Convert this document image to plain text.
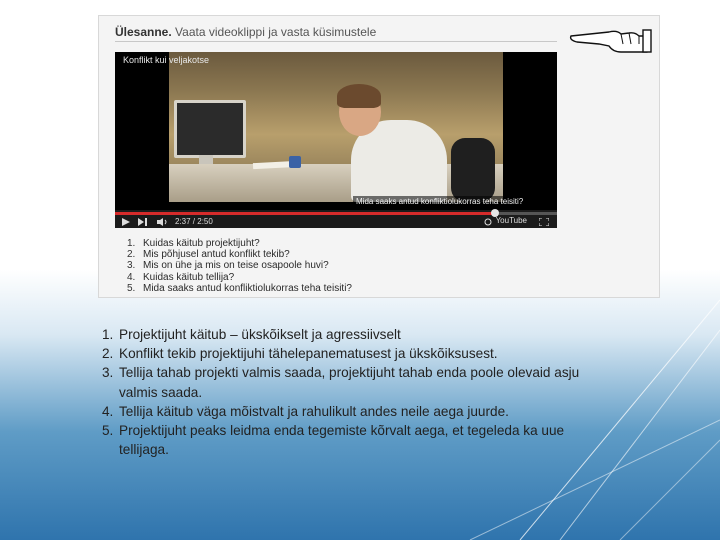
Ülesanne. Vaata videoklippi ja vasta küsimustele
Konflikt kui veljakotse
Mida saaks antud konfliktiolukorras teha teisiti?
2:37 / 2:50	YouTube
1. Kuidas käitub projektijuht?
2. Mis põhjusel antud konflikt tekib?
3. Mis on ühe ja mis on teise osapoole huvi?
4. Kuidas käitub tellija?
5. Mida saaks antud konfliktiolukorras teha teisiti?
1. Projektijuht käitub – ükskõikselt ja agressiivselt
2. Konflikt tekib projektijuhi tähelepanematusest ja ükskõiksusest.
3. Tellija tahab projekti valmis saada, projektijuht tahab enda poole olevaid asju valmis saada.
4. Tellija käitub väga mõistvalt ja rahulikult andes neile aega juurde.
5. Projektijuht peaks leidma enda tegemiste kõrvalt aega, et tegeleda ka uue tellijaga.
